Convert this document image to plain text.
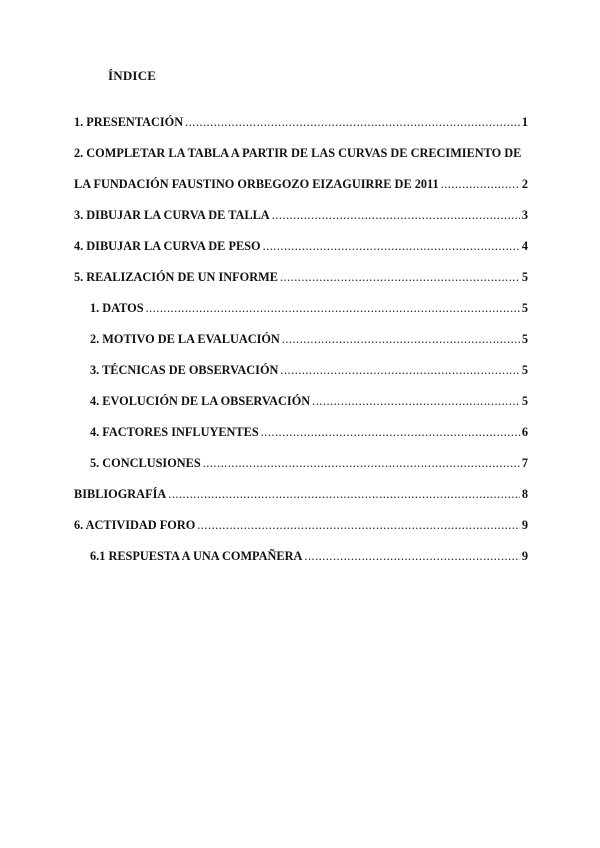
ÍNDICE
1. PRESENTACIÓN .....	1
2. COMPLETAR LA TABLA A PARTIR DE LAS CURVAS DE CRECIMIENTO DE
LA FUNDACIÓN FAUSTINO ORBEGOZO EIZAGUIRRE DE 2011 .....	2
3. DIBUJAR LA CURVA DE TALLA .....	3
4. DIBUJAR LA CURVA DE PESO .....	4
5. REALIZACIÓN DE UN INFORME .....	5
1. DATOS .....	5
2. MOTIVO DE LA EVALUACIÓN .....	5
3. TÉCNICAS DE OBSERVACIÓN .....	5
4. EVOLUCIÓN DE LA OBSERVACIÓN .....	5
4. FACTORES INFLUYENTES .....	6
5. CONCLUSIONES .....	7
BIBLIOGRAFÍA .....	8
6. ACTIVIDAD FORO .....	9
6.1 RESPUESTA A UNA COMPAÑERA .....	9
